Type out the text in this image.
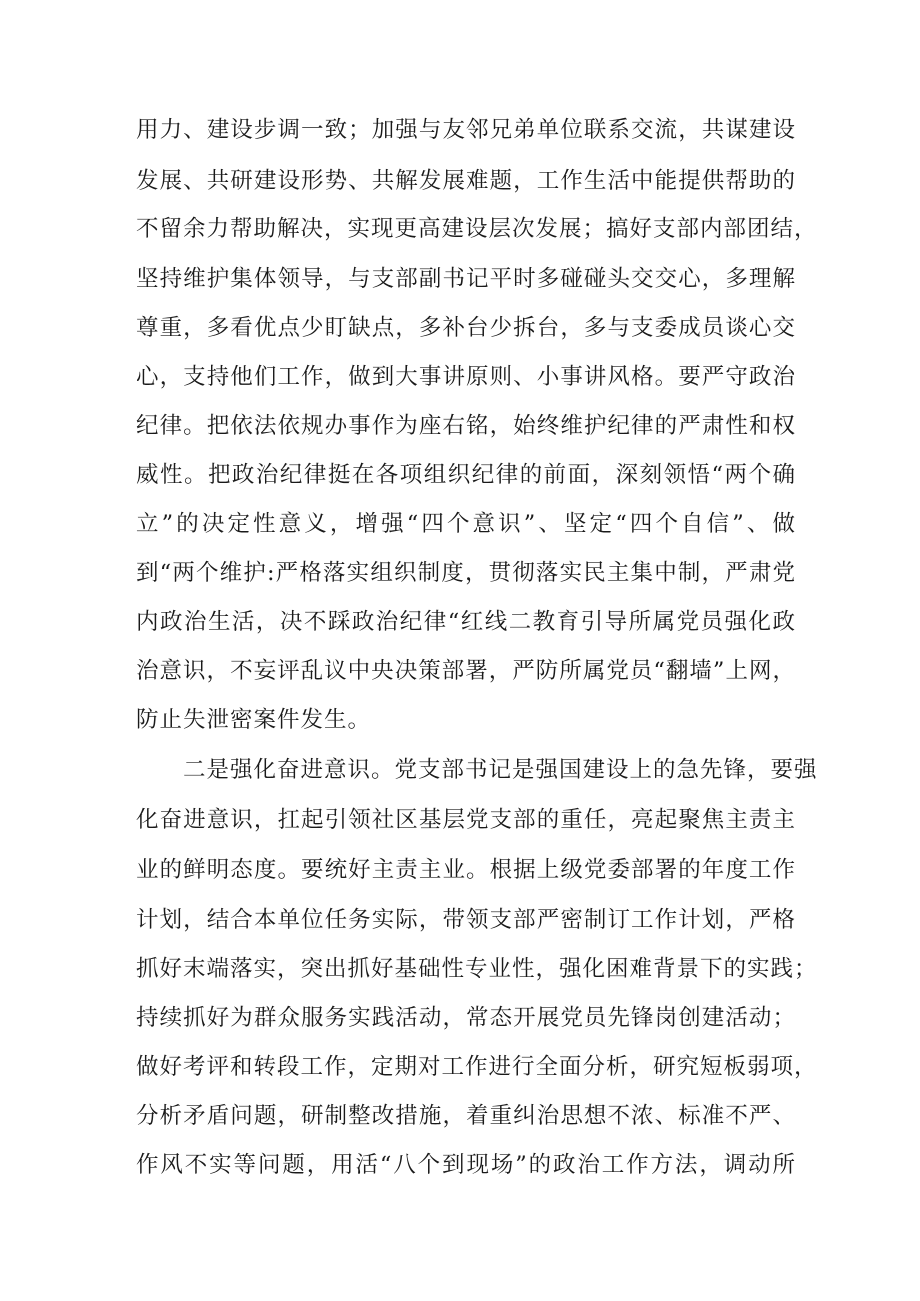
用力、建设步调一致；加强与友邻兄弟单位联系交流，共谋建设
发展、共研建设形势、共解发展难题，工作生活中能提供帮助的
不留余力帮助解决，实现更高建设层次发展；搞好支部内部团结，
坚持维护集体领导，与支部副书记平时多碰碰头交交心，多理解
尊重，多看优点少盯缺点，多补台少拆台，多与支委成员谈心交
心，支持他们工作，做到大事讲原则、小事讲风格。要严守政治
纪律。把依法依规办事作为座右铭，始终维护纪律的严肃性和权
威性。把政治纪律挺在各项组织纪律的前面，深刻领悟“两个确
立”的决定性意义，增强“四个意识”、坚定“四个自信”、做
到“两个维护:严格落实组织制度，贯彻落实民主集中制，严肃党
内政治生活，决不踩政治纪律“红线二教育引导所属党员强化政
治意识，不妄评乱议中央决策部署，严防所属党员“翻墙”上网，
防止失泄密案件发生。
二是强化奋进意识。党支部书记是强国建设上的急先锋，要强
化奋进意识，扛起引领社区基层党支部的重任，亮起聚焦主责主
业的鲜明态度。要统好主责主业。根据上级党委部署的年度工作
计划，结合本单位任务实际，带领支部严密制订工作计划，严格
抓好末端落实，突出抓好基础性专业性，强化困难背景下的实践；
持续抓好为群众服务实践活动，常态开展党员先锋岗创建活动；
做好考评和转段工作，定期对工作进行全面分析，研究短板弱项，
分析矛盾问题，研制整改措施，着重纠治思想不浓、标准不严、
作风不实等问题，用活“八个到现场”的政治工作方法，调动所
